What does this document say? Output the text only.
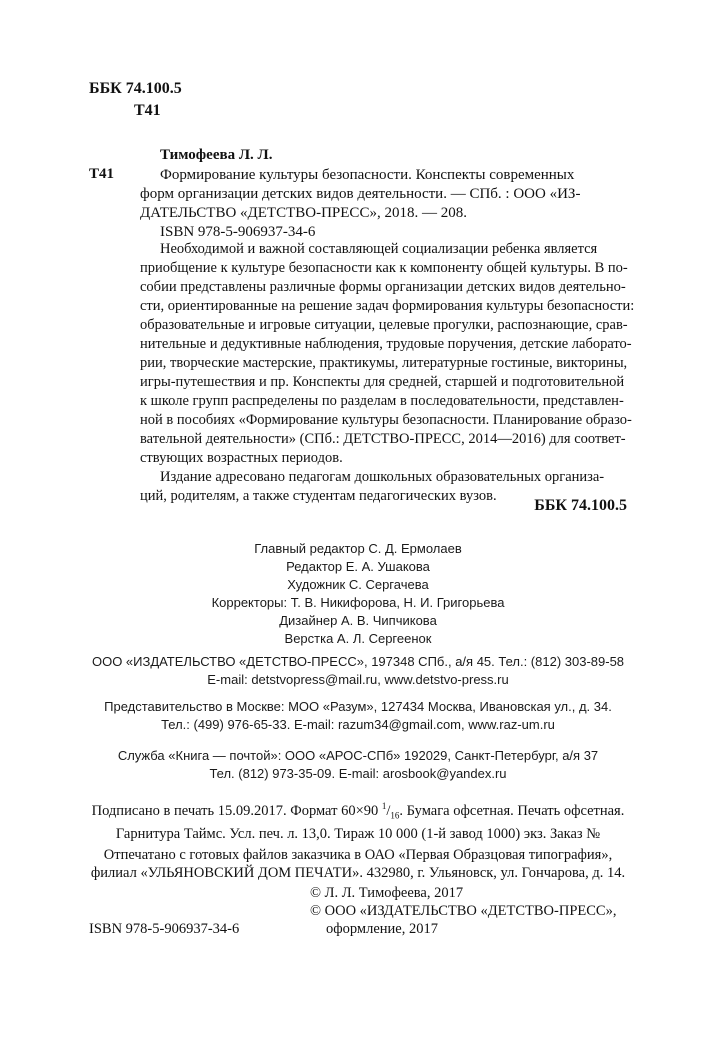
ББК 74.100.5
Т41
Тимофеева Л. Л.
Т41	Формирование культуры безопасности. Конспекты современных
форм организации детских видов деятельности. — СПб. : ООО «ИЗ-
ДАТЕЛЬСТВО «ДЕТСТВО-ПРЕСС», 2018. — 208.
ISBN 978-5-906937-34-6
Необходимой и важной составляющей социализации ребенка является
приобщение к культуре безопасности как к компоненту общей культуры. В по-
собии представлены различные формы организации детских видов деятельно-
сти, ориентированные на решение задач формирования культуры безопасности:
образовательные и игровые ситуации, целевые прогулки, распознающие, срав-
нительные и дедуктивные наблюдения, трудовые поручения, детские лаборато-
рии, творческие мастерские, практикумы, литературные гостиные, викторины,
игры-путешествия и пр. Конспекты для средней, старшей и подготовительной
к школе групп распределены по разделам в последовательности, представлен-
ной в пособиях «Формирование культуры безопасности. Планирование образо-
вательной деятельности» (СПб.: ДЕТСТВО-ПРЕСС, 2014—2016) для соответ-
ствующих возрастных периодов.
Издание адресовано педагогам дошкольных образовательных организа-
ций, родителям, а также студентам педагогических вузов.
ББК 74.100.5
Главный редактор С. Д. Ермолаев
Редактор Е. А. Ушакова
Художник С. Сергачева
Корректоры: Т. В. Никифорова, Н. И. Григорьева
Дизайнер А. В. Чипчикова
Верстка А. Л. Сергеенок
ООО «ИЗДАТЕЛЬСТВО «ДЕТСТВО-ПРЕСС», 197348 СПб., а/я 45. Тел.: (812) 303-89-58
E-mail: detstvopress@mail.ru, www.detstvo-press.ru
Представительство в Москве: МОО «Разум», 127434 Москва, Ивановская ул., д. 34.
Тел.: (499) 976-65-33. E-mail: razum34@gmail.com, www.raz-um.ru
Служба «Книга — почтой»: ООО «АРОС-СПб» 192029, Санкт-Петербург, а/я 37
Тел. (812) 973-35-09. E-mail: arosbook@yandex.ru
Подписано в печать 15.09.2017. Формат 60×90 $^1/_{16}$. Бумага офсетная. Печать офсетная.
Гарнитура Таймс. Усл. печ. л. 13,0. Тираж 10 000 (1-й завод 1000) экз. Заказ №
Отпечатано с готовых файлов заказчика в ОАО «Первая Образцовая типография»,
филиал «УЛЬЯНОВСКИЙ ДОМ ПЕЧАТИ». 432980, г. Ульяновск, ул. Гончарова, д. 14.
ISBN 978-5-906937-34-6
© Л. Л. Тимофеева, 2017
© ООО «ИЗДАТЕЛЬСТВО «ДЕТСТВО-ПРЕСС»,
оформление, 2017
